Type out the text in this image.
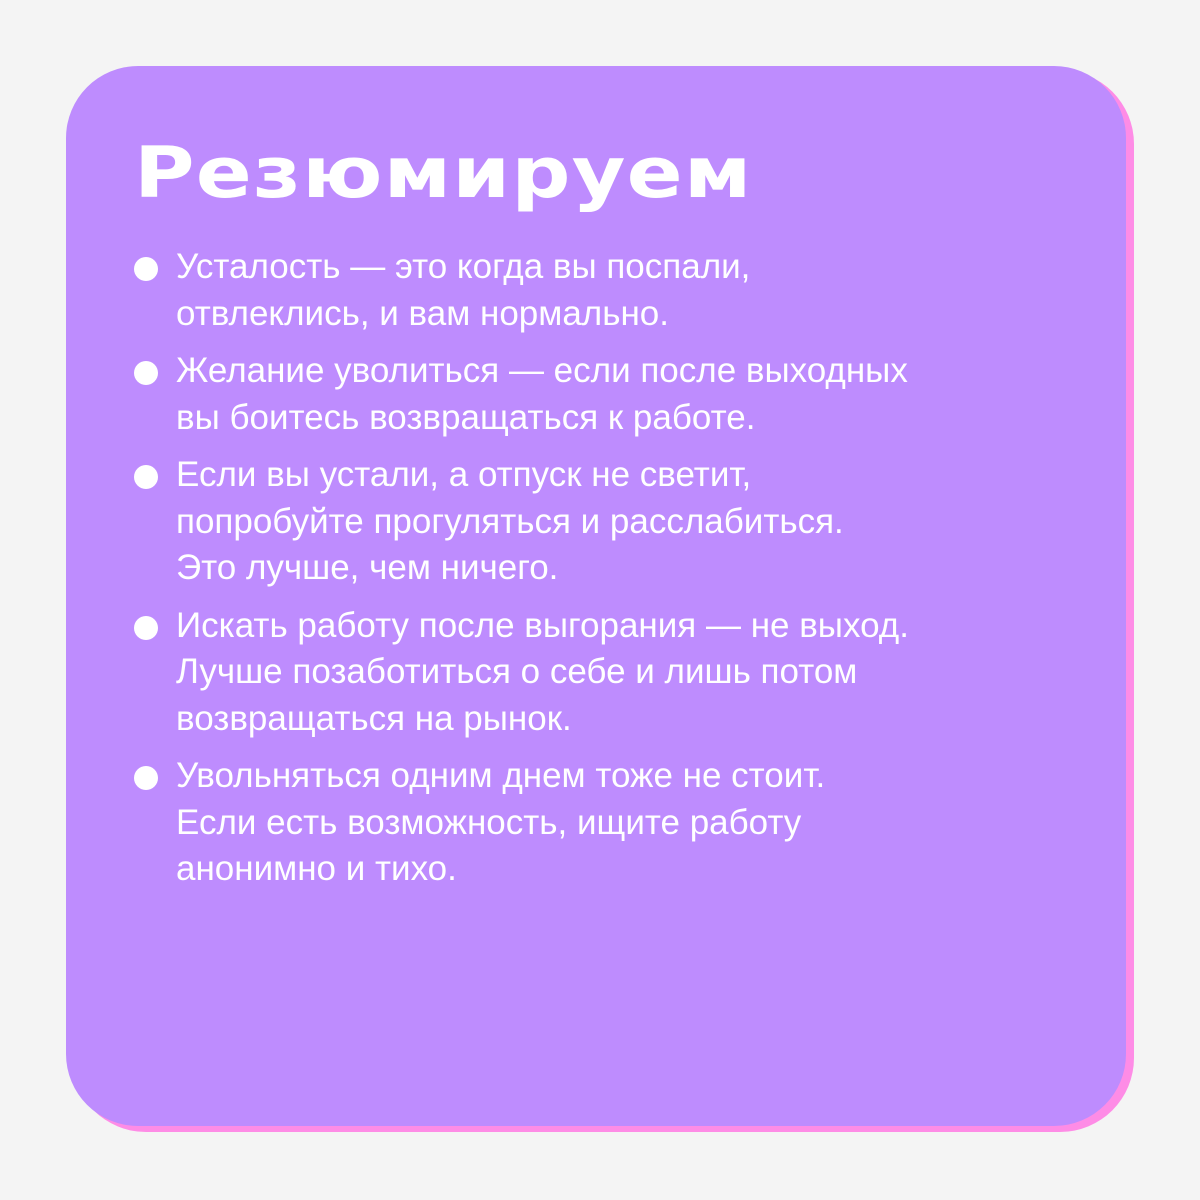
Резюмируем
Усталость — это когда вы поспали,
отвлеклись, и вам нормально.
Желание уволиться — если после выходных
вы боитесь возвращаться к работе.
Если вы устали, а отпуск не светит,
попробуйте прогуляться и расслабиться.
Это лучше, чем ничего.
Искать работу после выгорания — не выход.
Лучше позаботиться о себе и лишь потом
возвращаться на рынок.
Увольняться одним днем тоже не стоит.
Если есть возможность, ищите работу
анонимно и тихо.
